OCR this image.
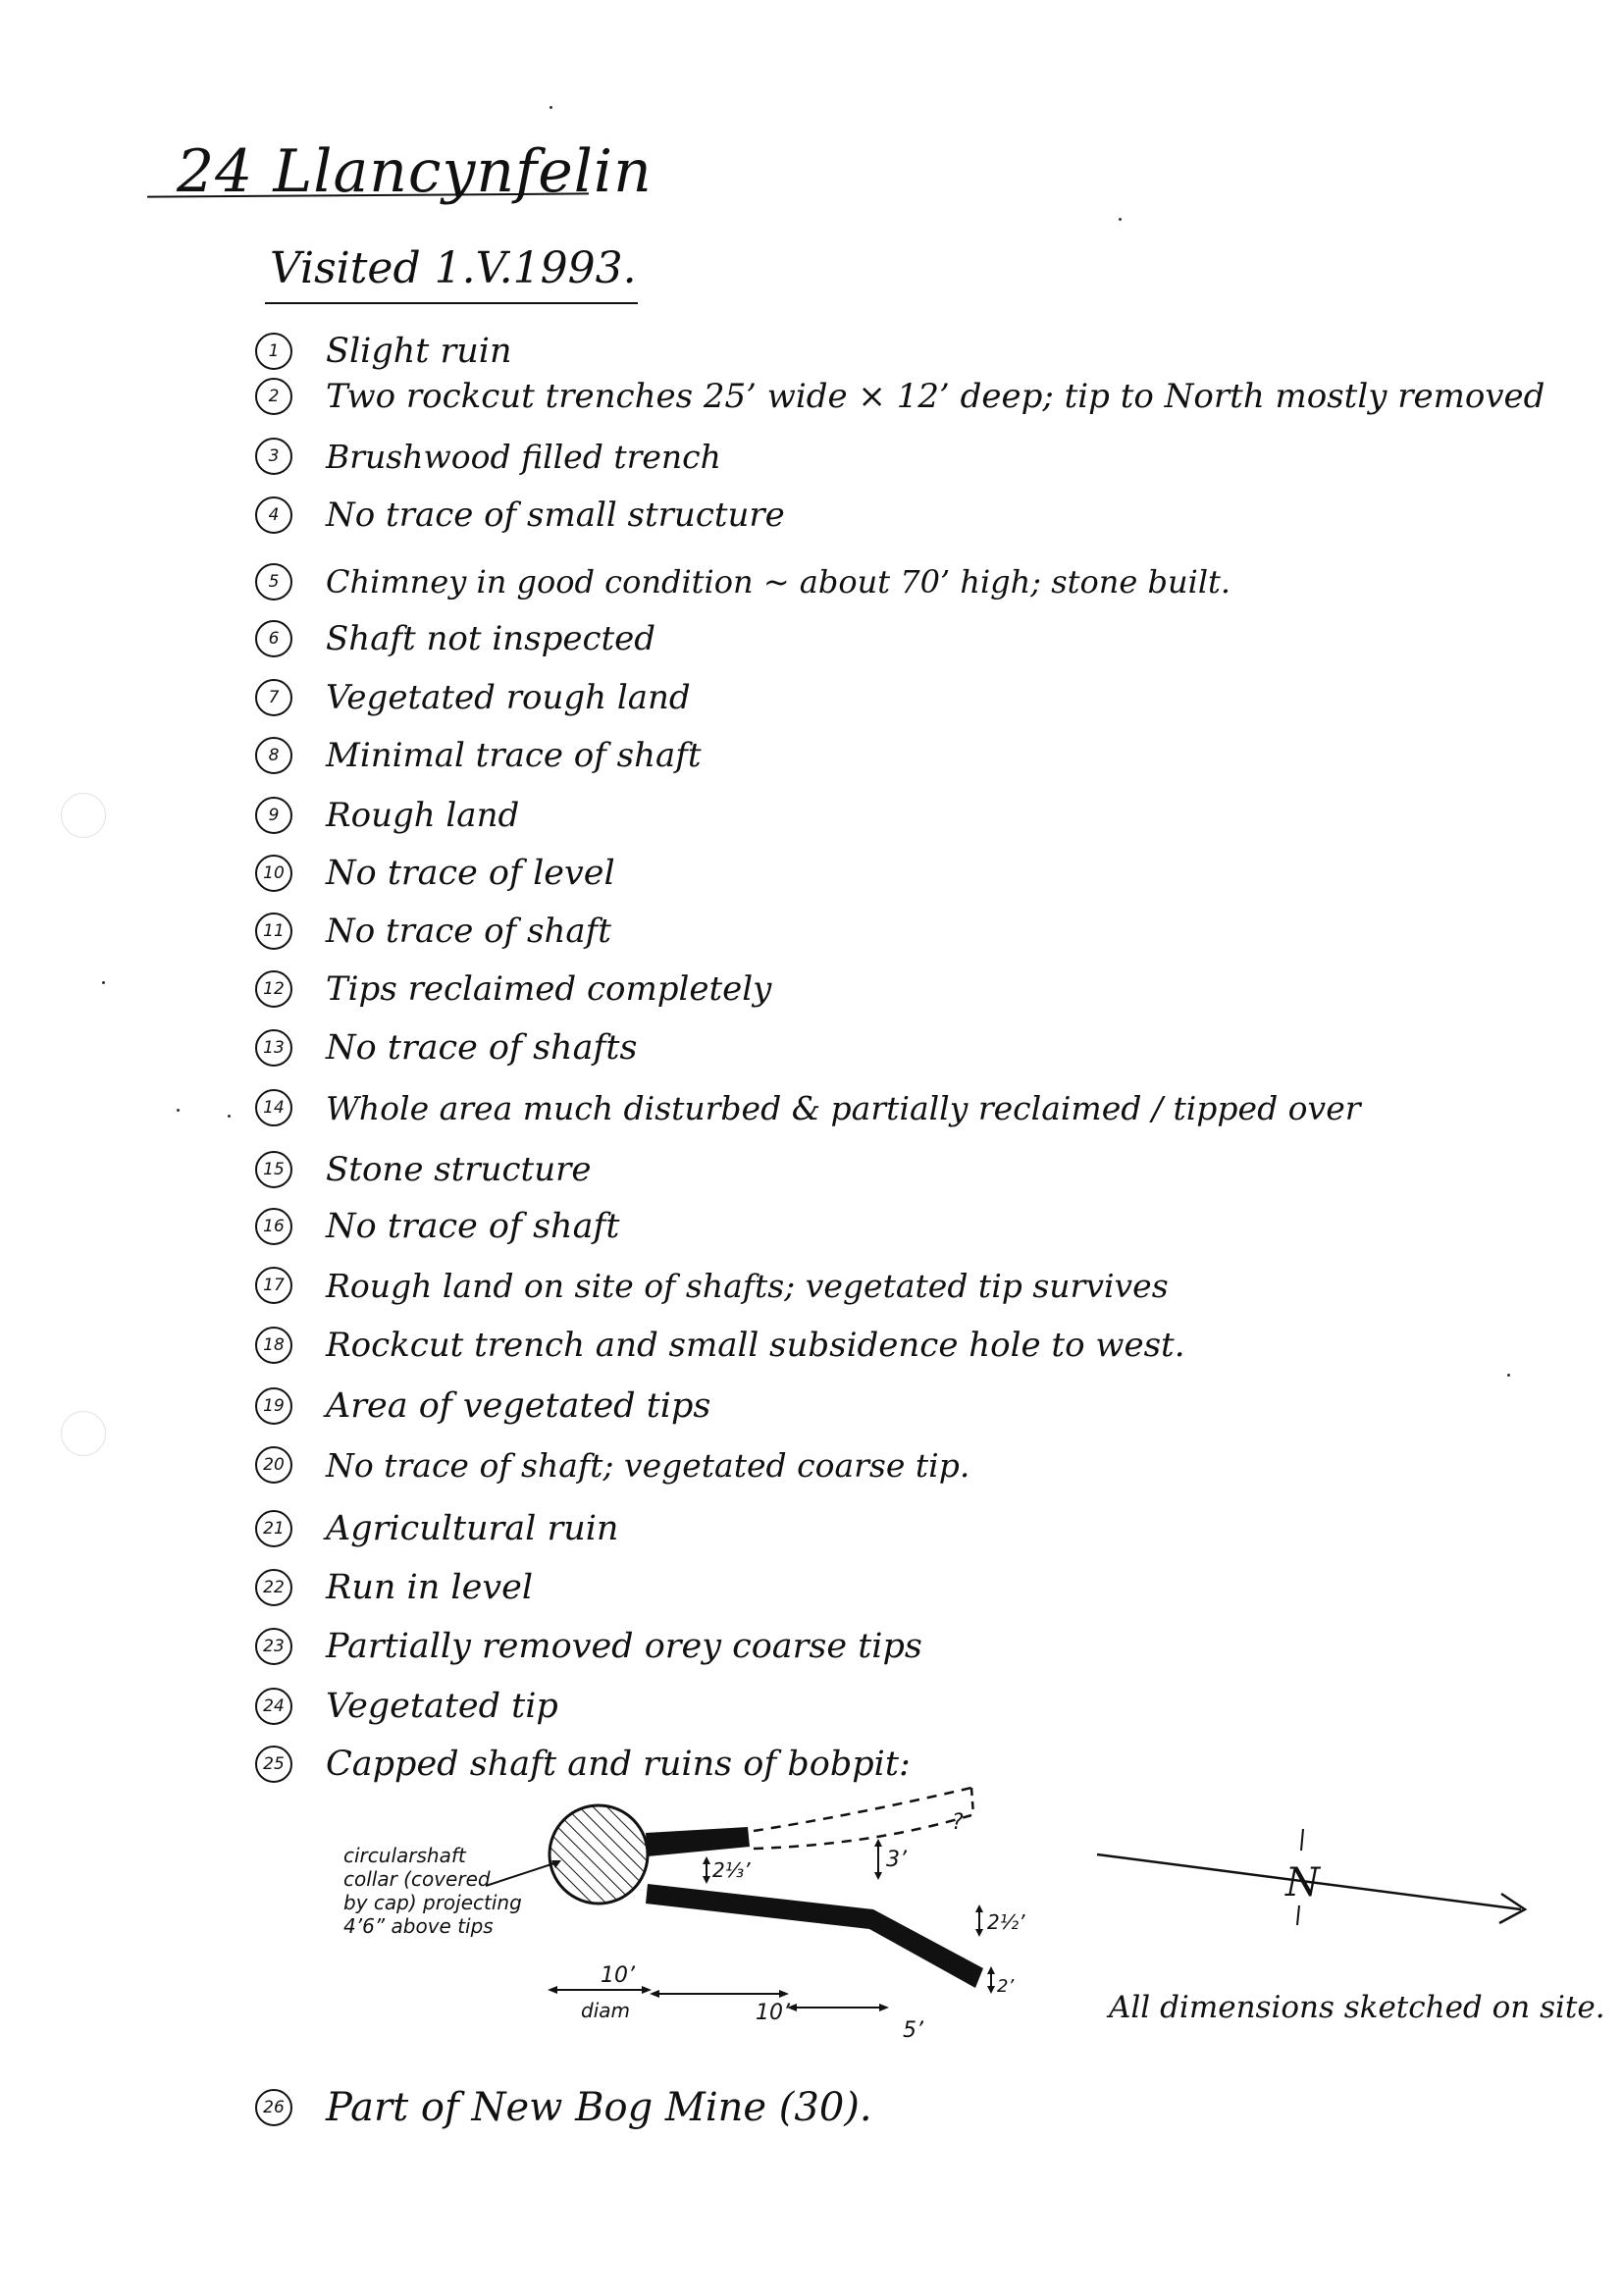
24 Llancynfelin
Visited 1.V.1993.
1	Slight ruin
2	Two rockcut trenches 25’ wide × 12’ deep; tip to North mostly removed
3	Brushwood filled trench
4	No trace of small structure
5	Chimney in good condition ~ about 70’ high; stone built.
6	Shaft not inspected
7	Vegetated rough land
8	Minimal trace of shaft
9	Rough land
10 No trace of level
11 No trace of shaft
12 Tips reclaimed completely
13 No trace of shafts
14 Whole area much disturbed & partially reclaimed / tipped over
15 Stone structure
16 No trace of shaft
17 Rough land on site of shafts; vegetated tip survives
18 Rockcut trench and small subsidence hole to west.
19 Area of vegetated tips
20 No trace of shaft; vegetated coarse tip.
21 Agricultural ruin
22 Run in level
23 Partially removed orey coarse tips
24 Vegetated tip
25 Capped shaft and ruins of bobpit:
2⅓’	3’
2½’
2’
10’
diam	10’
5’
?
circularshaft collar (covered by cap) projecting 4’6” above tips
N
All dimensions sketched on site.
26 Part of New Bog Mine (30).
